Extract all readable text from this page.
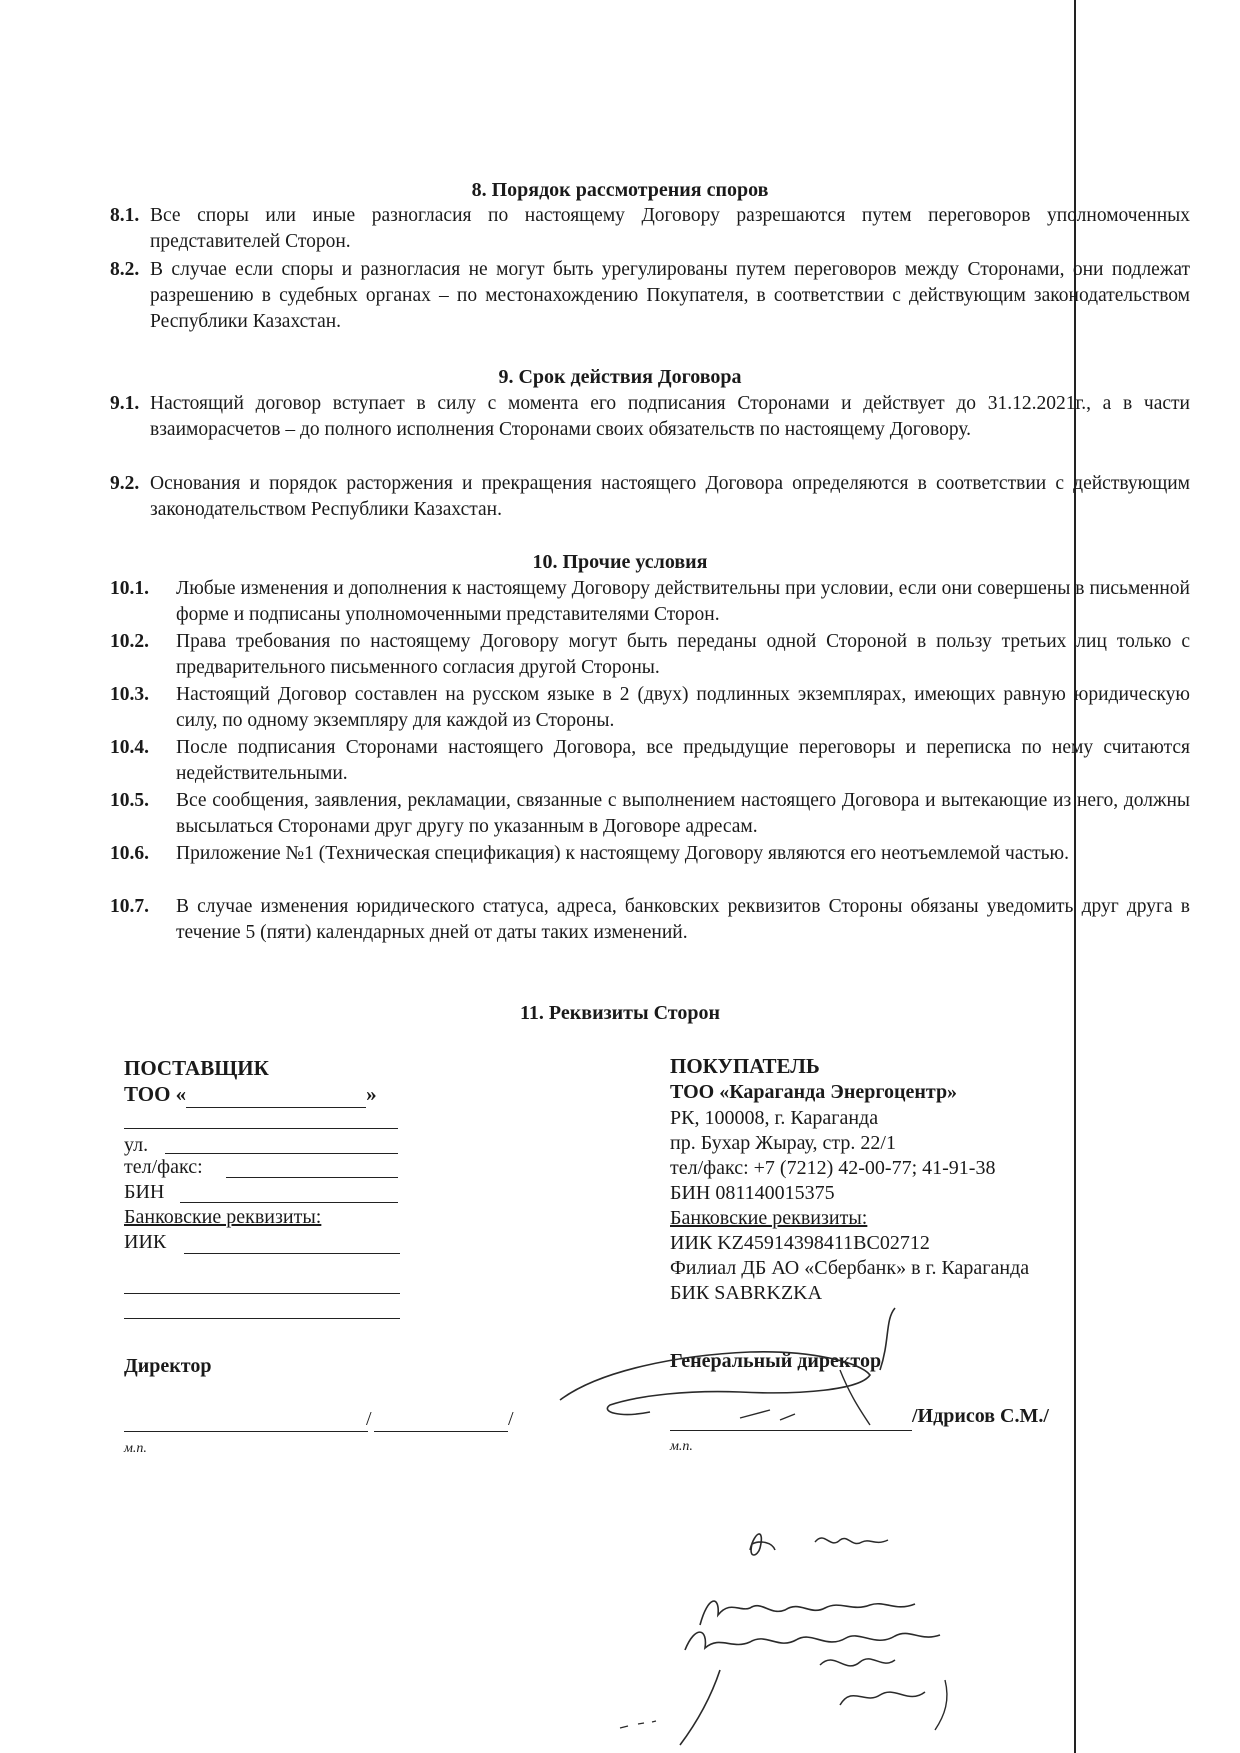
8. Порядок рассмотрения споров
8.1. Все споры или иные разногласия по настоящему Договору разрешаются путем переговоров уполномоченных представителей Сторон.
8.2. В случае если споры и разногласия не могут быть урегулированы путем переговоров между Сторонами, они подлежат разрешению в судебных органах – по местонахождению Покупателя, в соответствии с действующим законодательством Республики Казахстан.
9. Срок действия Договора
9.1. Настоящий договор вступает в силу с момента его подписания Сторонами и действует до 31.12.2021г., а в части взаиморасчетов – до полного исполнения Сторонами своих обязательств по настоящему Договору.
9.2. Основания и порядок расторжения и прекращения настоящего Договора определяются в соответствии с действующим законодательством Республики Казахстан.
10. Прочие условия
10.1.	Любые изменения и дополнения к настоящему Договору действительны при условии, если они совершены в письменной форме и подписаны уполномоченными представителями Сторон.
10.2.	Права требования по настоящему Договору могут быть переданы одной Стороной в пользу третьих лиц только с предварительного письменного согласия другой Стороны.
10.3.	Настоящий Договор составлен на русском языке в 2 (двух) подлинных экземплярах, имеющих равную юридическую силу, по одному экземпляру для каждой из Стороны.
10.4.	После подписания Сторонами настоящего Договора, все предыдущие переговоры и переписка по нему считаются недействительными.
10.5.	Все сообщения, заявления, рекламации, связанные с выполнением настоящего Договора и вытекающие из него, должны высылаться Сторонами друг другу по указанным в Договоре адресам.
10.6.	Приложение №1 (Техническая спецификация) к настоящему Договору являются его неотъемлемой частью.
10.7.	В случае изменения юридического статуса, адреса, банковских реквизитов Стороны обязаны уведомить друг друга в течение 5 (пяти) календарных дней от даты таких изменений.
11. Реквизиты Сторон
ПОСТАВЩИК
ТОО «	»
ул.
тел/факс:
БИН
Банковские реквизиты:
ИИК
Директор
/	/
м.п.
ПОКУПАТЕЛЬ
ТОО «Караганда Энергоцентр»
РК, 100008, г. Караганда
пр. Бухар Жырау, стр. 22/1
тел/факс: +7 (7212) 42-00-77; 41-91-38
БИН 081140015375
Банковские реквизиты:
ИИК KZ45914398411BC02712
Филиал ДБ АО «Сбербанк» в г. Караганда
БИК SABRKZKA
Генеральный директор
/Идрисов С.М./
м.п.
